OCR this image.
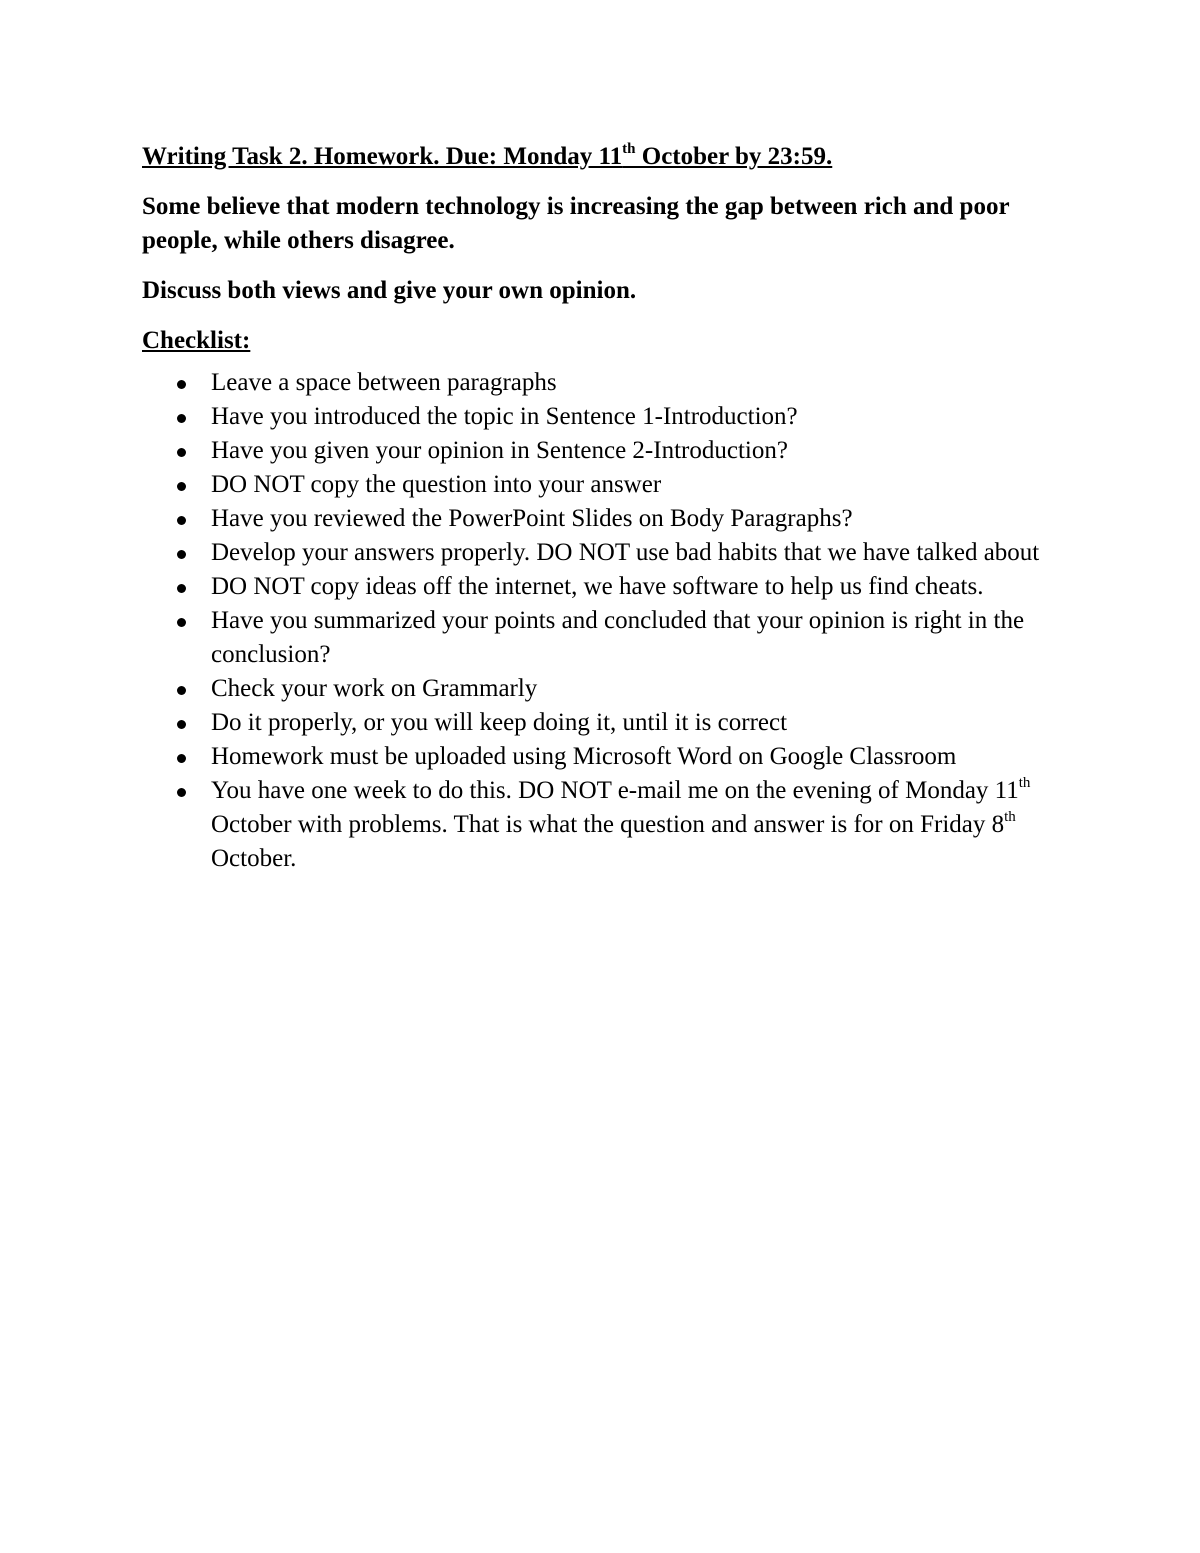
Writing Task 2. Homework. Due: Monday 11th October by 23:59.
Some believe that modern technology is increasing the gap between rich and poor people, while others disagree.
Discuss both views and give your own opinion.
Checklist:
Leave a space between paragraphs
Have you introduced the topic in Sentence 1-Introduction?
Have you given your opinion in Sentence 2-Introduction?
DO NOT copy the question into your answer
Have you reviewed the PowerPoint Slides on Body Paragraphs?
Develop your answers properly. DO NOT use bad habits that we have talked about
DO NOT copy ideas off the internet, we have software to help us find cheats.
Have you summarized your points and concluded that your opinion is right in the conclusion?
Check your work on Grammarly
Do it properly, or you will keep doing it, until it is correct
Homework must be uploaded using Microsoft Word on Google Classroom
You have one week to do this. DO NOT e-mail me on the evening of Monday 11th October with problems. That is what the question and answer is for on Friday 8th October.
